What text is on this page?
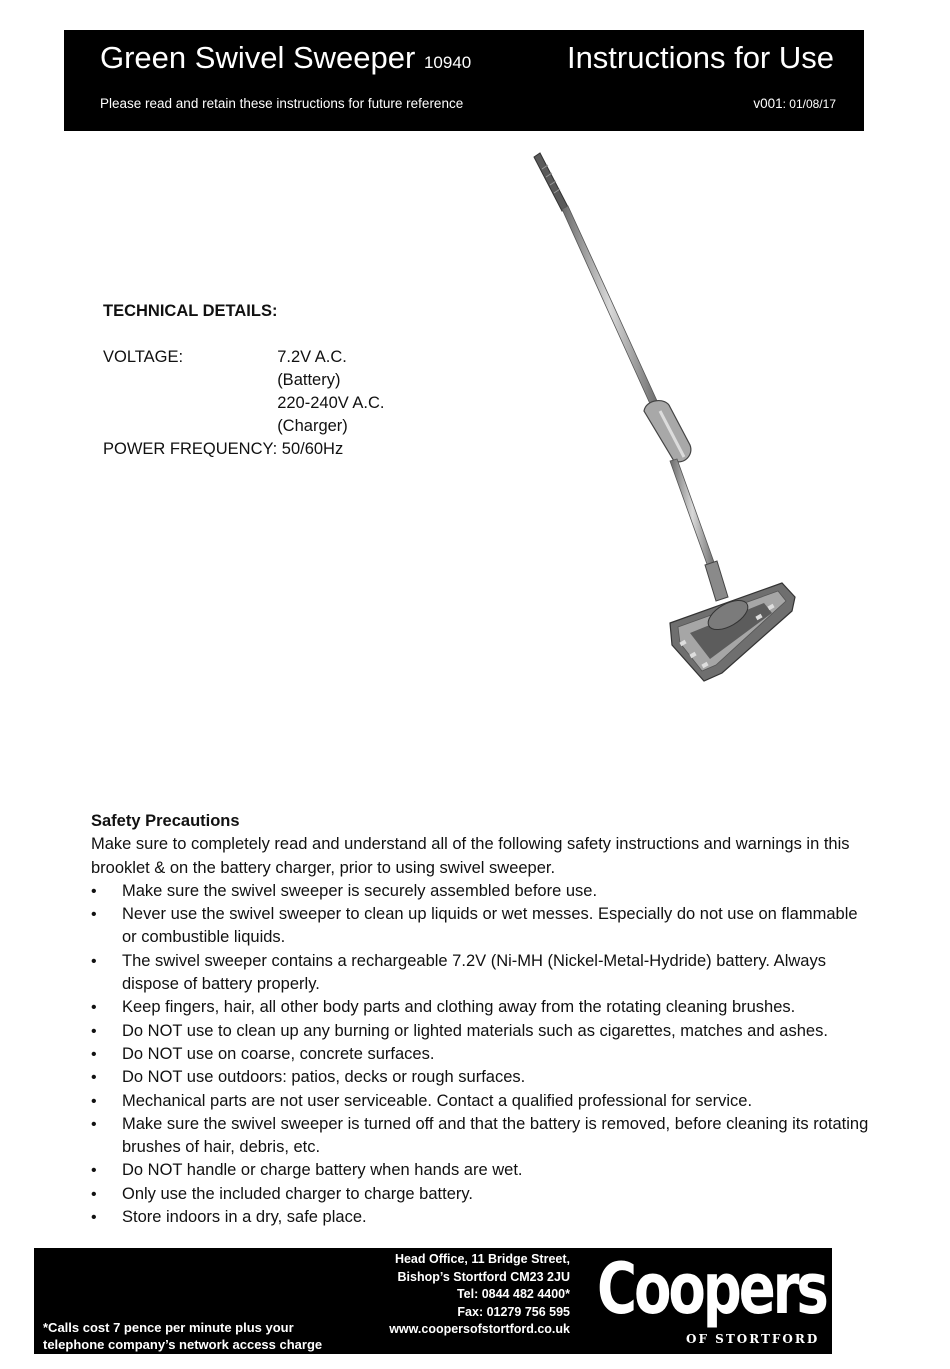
Green Swivel Sweeper 10940	Instructions for Use
Please read and retain these instructions for future reference	v001: 01/08/17
TECHNICAL DETAILS:
VOLTAGE:	7.2V A.C.
	(Battery)
	220-240V A.C.
	(Charger)
POWER FREQUENCY:	50/60Hz
Safety Precautions
Make sure to completely read and understand all of the following safety instructions and warnings in this brooklet & on the battery charger, prior to using swivel sweeper.
• Make sure the swivel sweeper is securely assembled before use.
• Never use the swivel sweeper to clean up liquids or wet messes. Especially do not use on flammable or combustible liquids.
• The swivel sweeper contains a rechargeable 7.2V (Ni-MH (Nickel-Metal-Hydride) battery. Always dispose of battery properly.
• Keep fingers, hair, all other body parts and clothing away from the rotating cleaning brushes.
• Do NOT use to clean up any burning or lighted materials such as cigarettes, matches and ashes.
• Do NOT use on coarse, concrete surfaces.
• Do NOT use outdoors: patios, decks or rough surfaces.
• Mechanical parts are not user serviceable. Contact a qualified professional for service.
• Make sure the swivel sweeper is turned off and that the battery is removed, before cleaning its rotating brushes of hair, debris, etc.
• Do NOT handle or charge battery when hands are wet.
• Only use the included charger to charge battery.
• Store indoors in a dry, safe place.
*Calls cost 7 pence per minute plus your
telephone company’s network access charge
Head Office, 11 Bridge Street,
Bishop’s Stortford CM23 2JU
Tel: 0844 482 4400*
Fax: 01279 756 595
www.coopersofstortford.co.uk Coopers
OF STORTFORD
